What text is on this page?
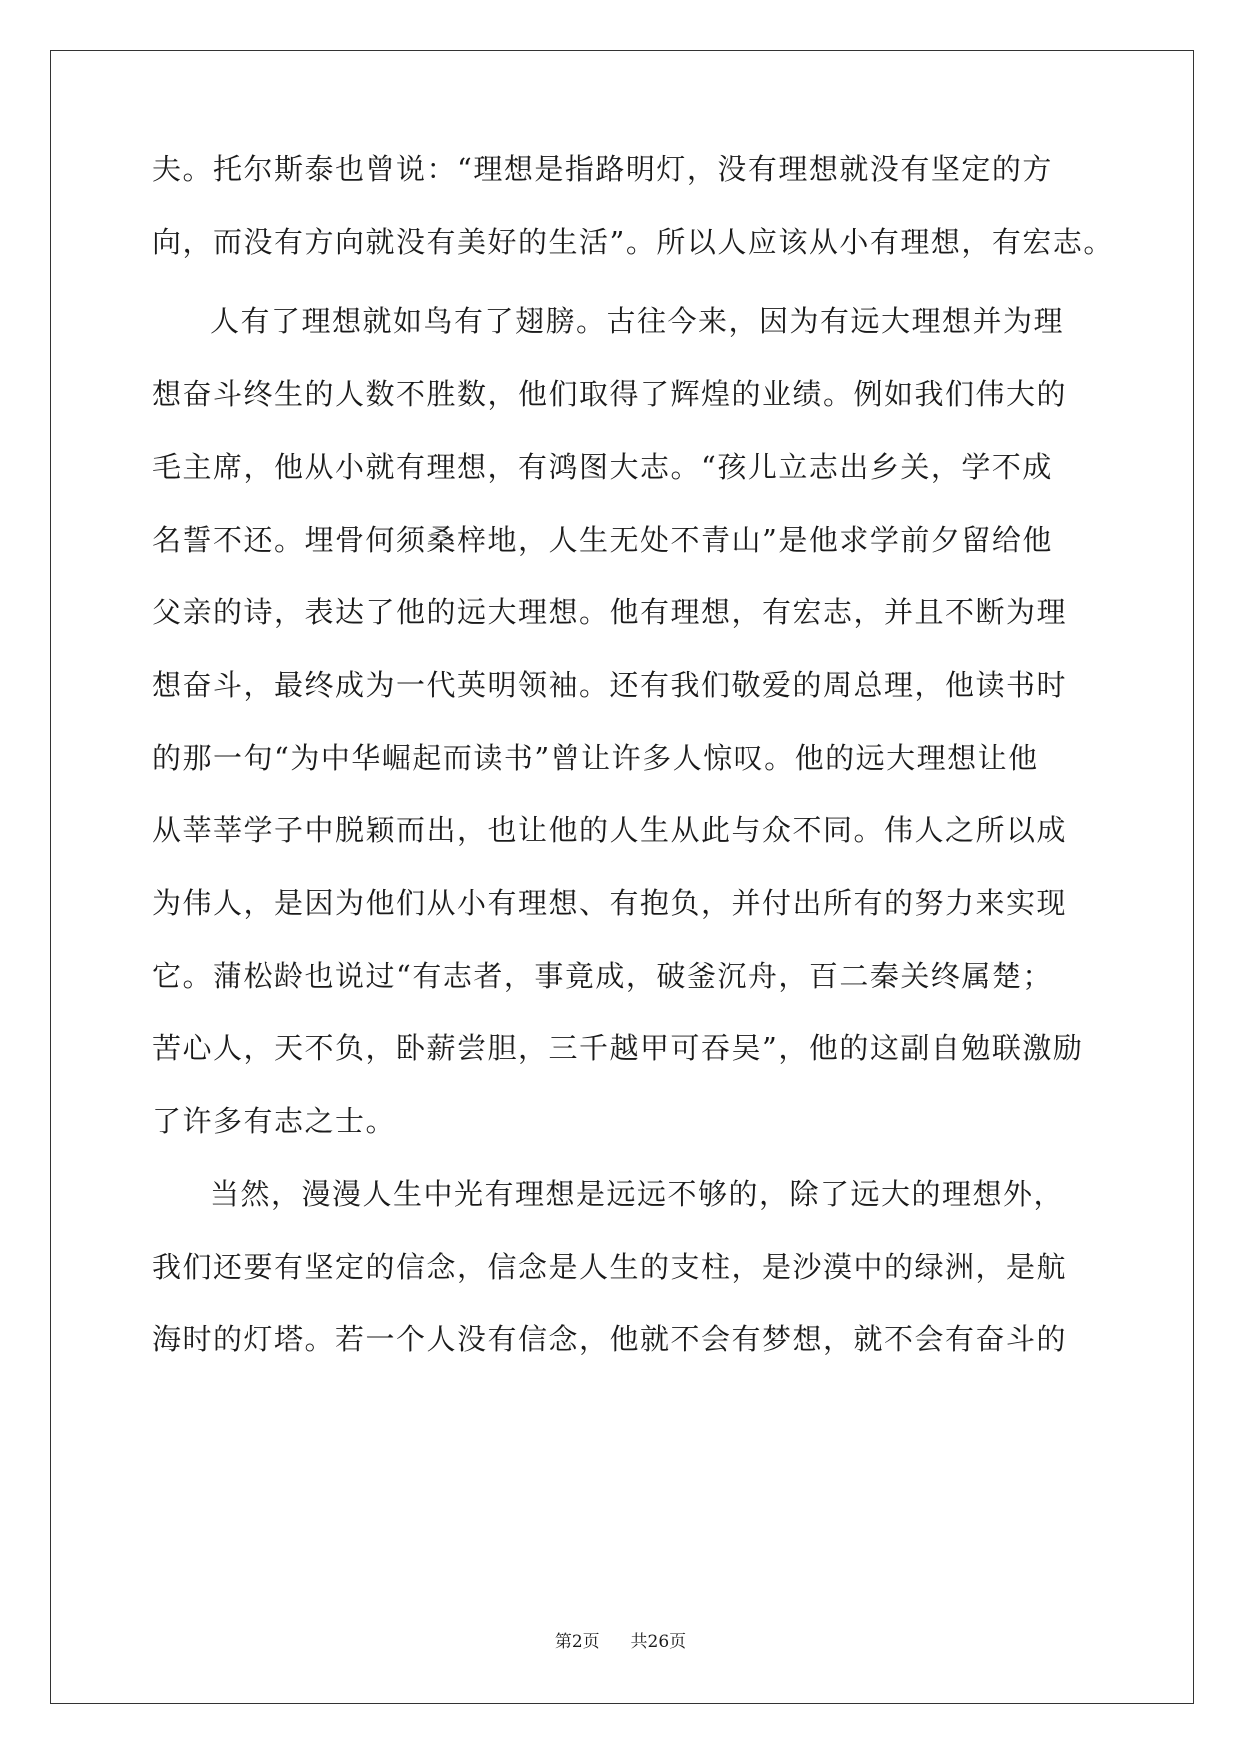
夫。托尔斯泰也曾说：“理想是指路明灯，没有理想就没有坚定的方
向，而没有方向就没有美好的生活”。所以人应该从小有理想，有宏志。
人有了理想就如鸟有了翅膀。古往今来，因为有远大理想并为理
想奋斗终生的人数不胜数，他们取得了辉煌的业绩。例如我们伟大的
毛主席，他从小就有理想，有鸿图大志。“孩儿立志出乡关，学不成
名誓不还。埋骨何须桑梓地，人生无处不青山”是他求学前夕留给他
父亲的诗，表达了他的远大理想。他有理想，有宏志，并且不断为理
想奋斗，最终成为一代英明领袖。还有我们敬爱的周总理，他读书时
的那一句“为中华崛起而读书”曾让许多人惊叹。他的远大理想让他
从莘莘学子中脱颖而出，也让他的人生从此与众不同。伟人之所以成
为伟人，是因为他们从小有理想、有抱负，并付出所有的努力来实现
它。蒲松龄也说过“有志者，事竟成，破釜沉舟，百二秦关终属楚；
苦心人，天不负，卧薪尝胆，三千越甲可吞吴”，他的这副自勉联激励
了许多有志之士。
当然，漫漫人生中光有理想是远远不够的，除了远大的理想外，
我们还要有坚定的信念，信念是人生的支柱，是沙漠中的绿洲，是航
海时的灯塔。若一个人没有信念，他就不会有梦想，就不会有奋斗的
第2页 共26页
